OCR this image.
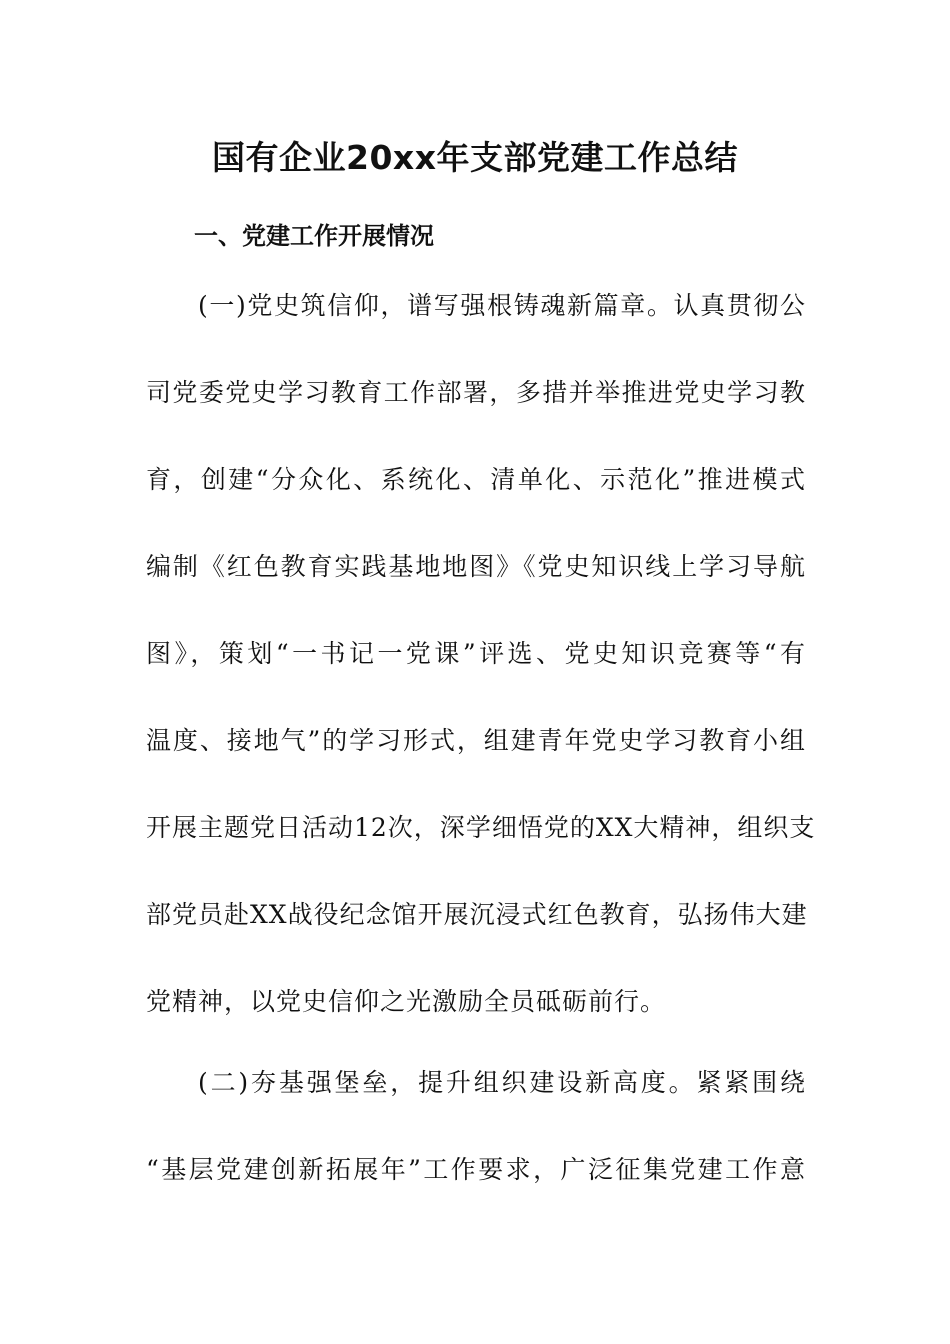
国有企业20xx年支部党建工作总结
一、党建工作开展情况
(一)党史筑信仰，谱写强根铸魂新篇章。认真贯彻公
司党委党史学习教育工作部署，多措并举推进党史学习教
育，创建“分众化、系统化、清单化、示范化”推进模式
编制《红色教育实践基地地图》《党史知识线上学习导航
图》，策划“一书记一党课”评选、党史知识竞赛等“有
温度、接地气”的学习形式，组建青年党史学习教育小组
开展主题党日活动12次，深学细悟党的XX大精神，组织支
部党员赴XX战役纪念馆开展沉浸式红色教育，弘扬伟大建
党精神，以党史信仰之光激励全员砥砺前行。
(二)夯基强堡垒，提升组织建设新高度。紧紧围绕
“基层党建创新拓展年”工作要求，广泛征集党建工作意
